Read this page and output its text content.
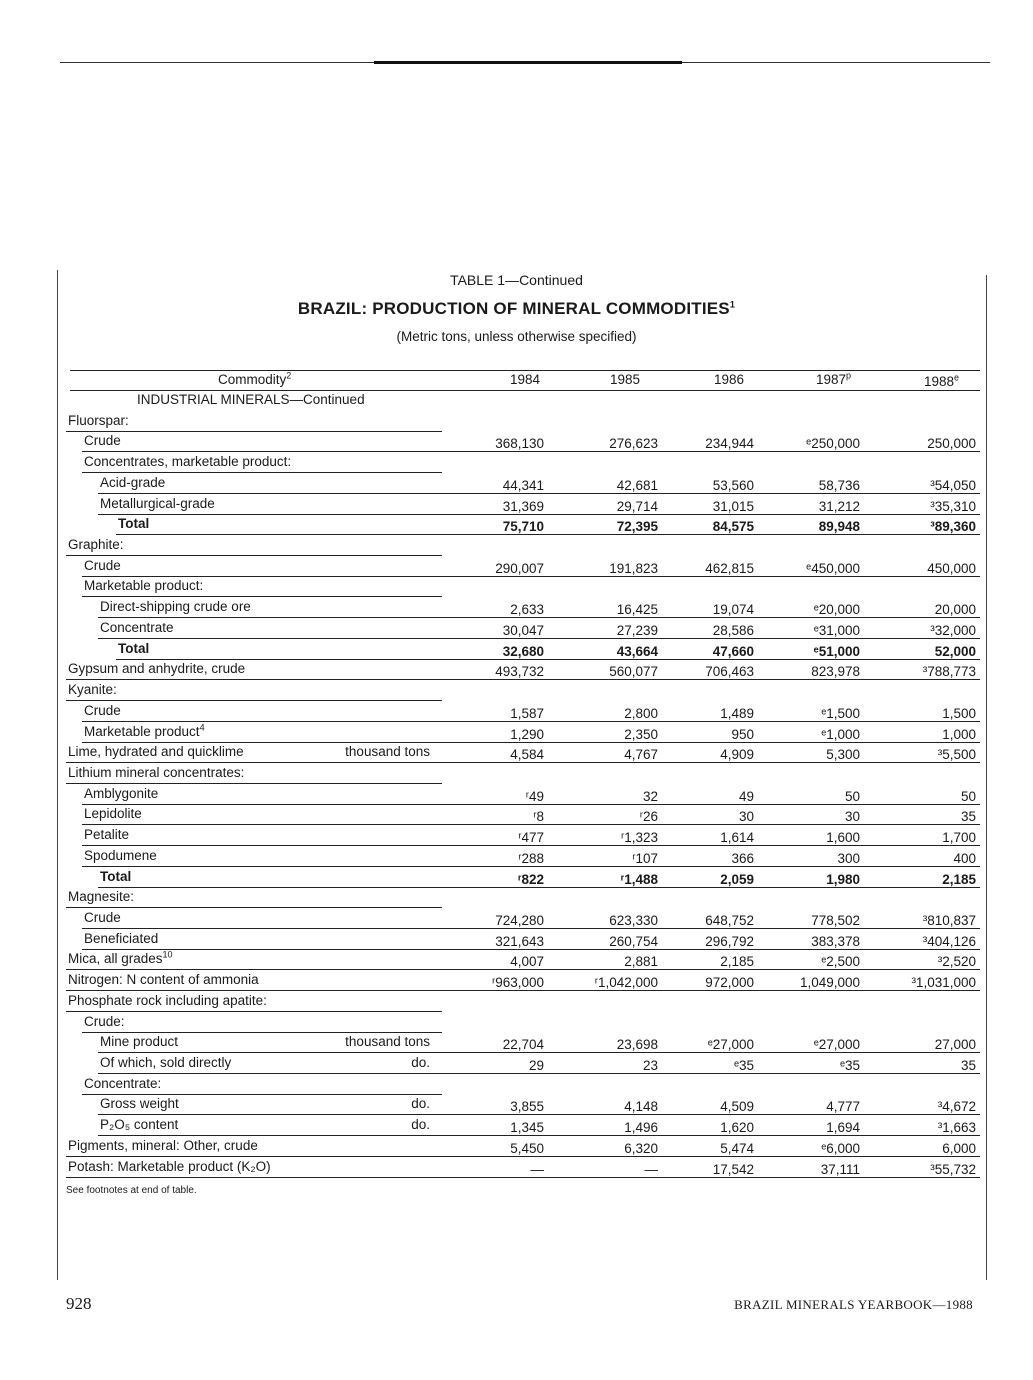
TABLE 1—Continued
BRAZIL: PRODUCTION OF MINERAL COMMODITIES$^1$
(Metric tons, unless otherwise specified)
Commodity$^2$	1984	1985	1986	1987$^p$	1988e
INDUSTRIAL MINERALS—Continued
Fluorspar:
Crude	368,130	276,623	234,944	ᵉ250,000	250,000
Concentrates, marketable product:
Acid-grade	44,341	42,681	53,560	58,736	³54,050
Metallurgical-grade	31,369	29,714	31,015	31,212	³35,310
Total	75,710	72,395	84,575	89,948	³89,360
Graphite:
Crude	290,007	191,823	462,815	ᵉ450,000	450,000
Marketable product:
Direct-shipping crude ore	2,633	16,425	19,074	ᵉ20,000	20,000
Concentrate	30,047	27,239	28,586	ᵉ31,000	³32,000
Total	32,680	43,664	47,660	ᵉ51,000	52,000
Gypsum and anhydrite, crude	493,732	560,077	706,463	823,978	³788,773
Kyanite:
Crude	1,587	2,800	1,489	ᵉ1,500	1,500
Marketable product$^4$	1,290	2,350	950	ᵉ1,000	1,000
Lime, hydrated and quicklime	thousand tons	4,584	4,767	4,909	5,300	³5,500
Lithium mineral concentrates:
Amblygonite	ʳ49	32	49	50	50
Lepidolite	ʳ8	ʳ26	30	30	35
Petalite	ʳ477	ʳ1,323	1,614	1,600	1,700
Spodumene	ʳ288	ʳ107	366	300	400
Total	ʳ822	ʳ1,488	2,059	1,980	2,185
Magnesite:
Crude	724,280	623,330	648,752	778,502	³810,837
Beneficiated	321,643	260,754	296,792	383,378	³404,126
Mica, all grades$^{10}$	4,007	2,881	2,185	ᵉ2,500	³2,520
Nitrogen: N content of ammonia	ʳ963,000	ʳ1,042,000	972,000	1,049,000	³1,031,000
Phosphate rock including apatite:
Crude:
Mine product	thousand tons	22,704	23,698	ᵉ27,000	ᵉ27,000	27,000
Of which, sold directly	do.	29	23	ᵉ35	ᵉ35	35
Concentrate:
Gross weight	do.	3,855	4,148	4,509	4,777	³4,672
P₂O₅ content	do.	1,345	1,496	1,620	1,694	³1,663
Pigments, mineral: Other, crude	5,450	6,320	5,474	ᵉ6,000	6,000
Potash: Marketable product (K₂O)	—	—	17,542	37,111	³55,732
See footnotes at end of table.
928	BRAZIL MINERALS YEARBOOK—1988
